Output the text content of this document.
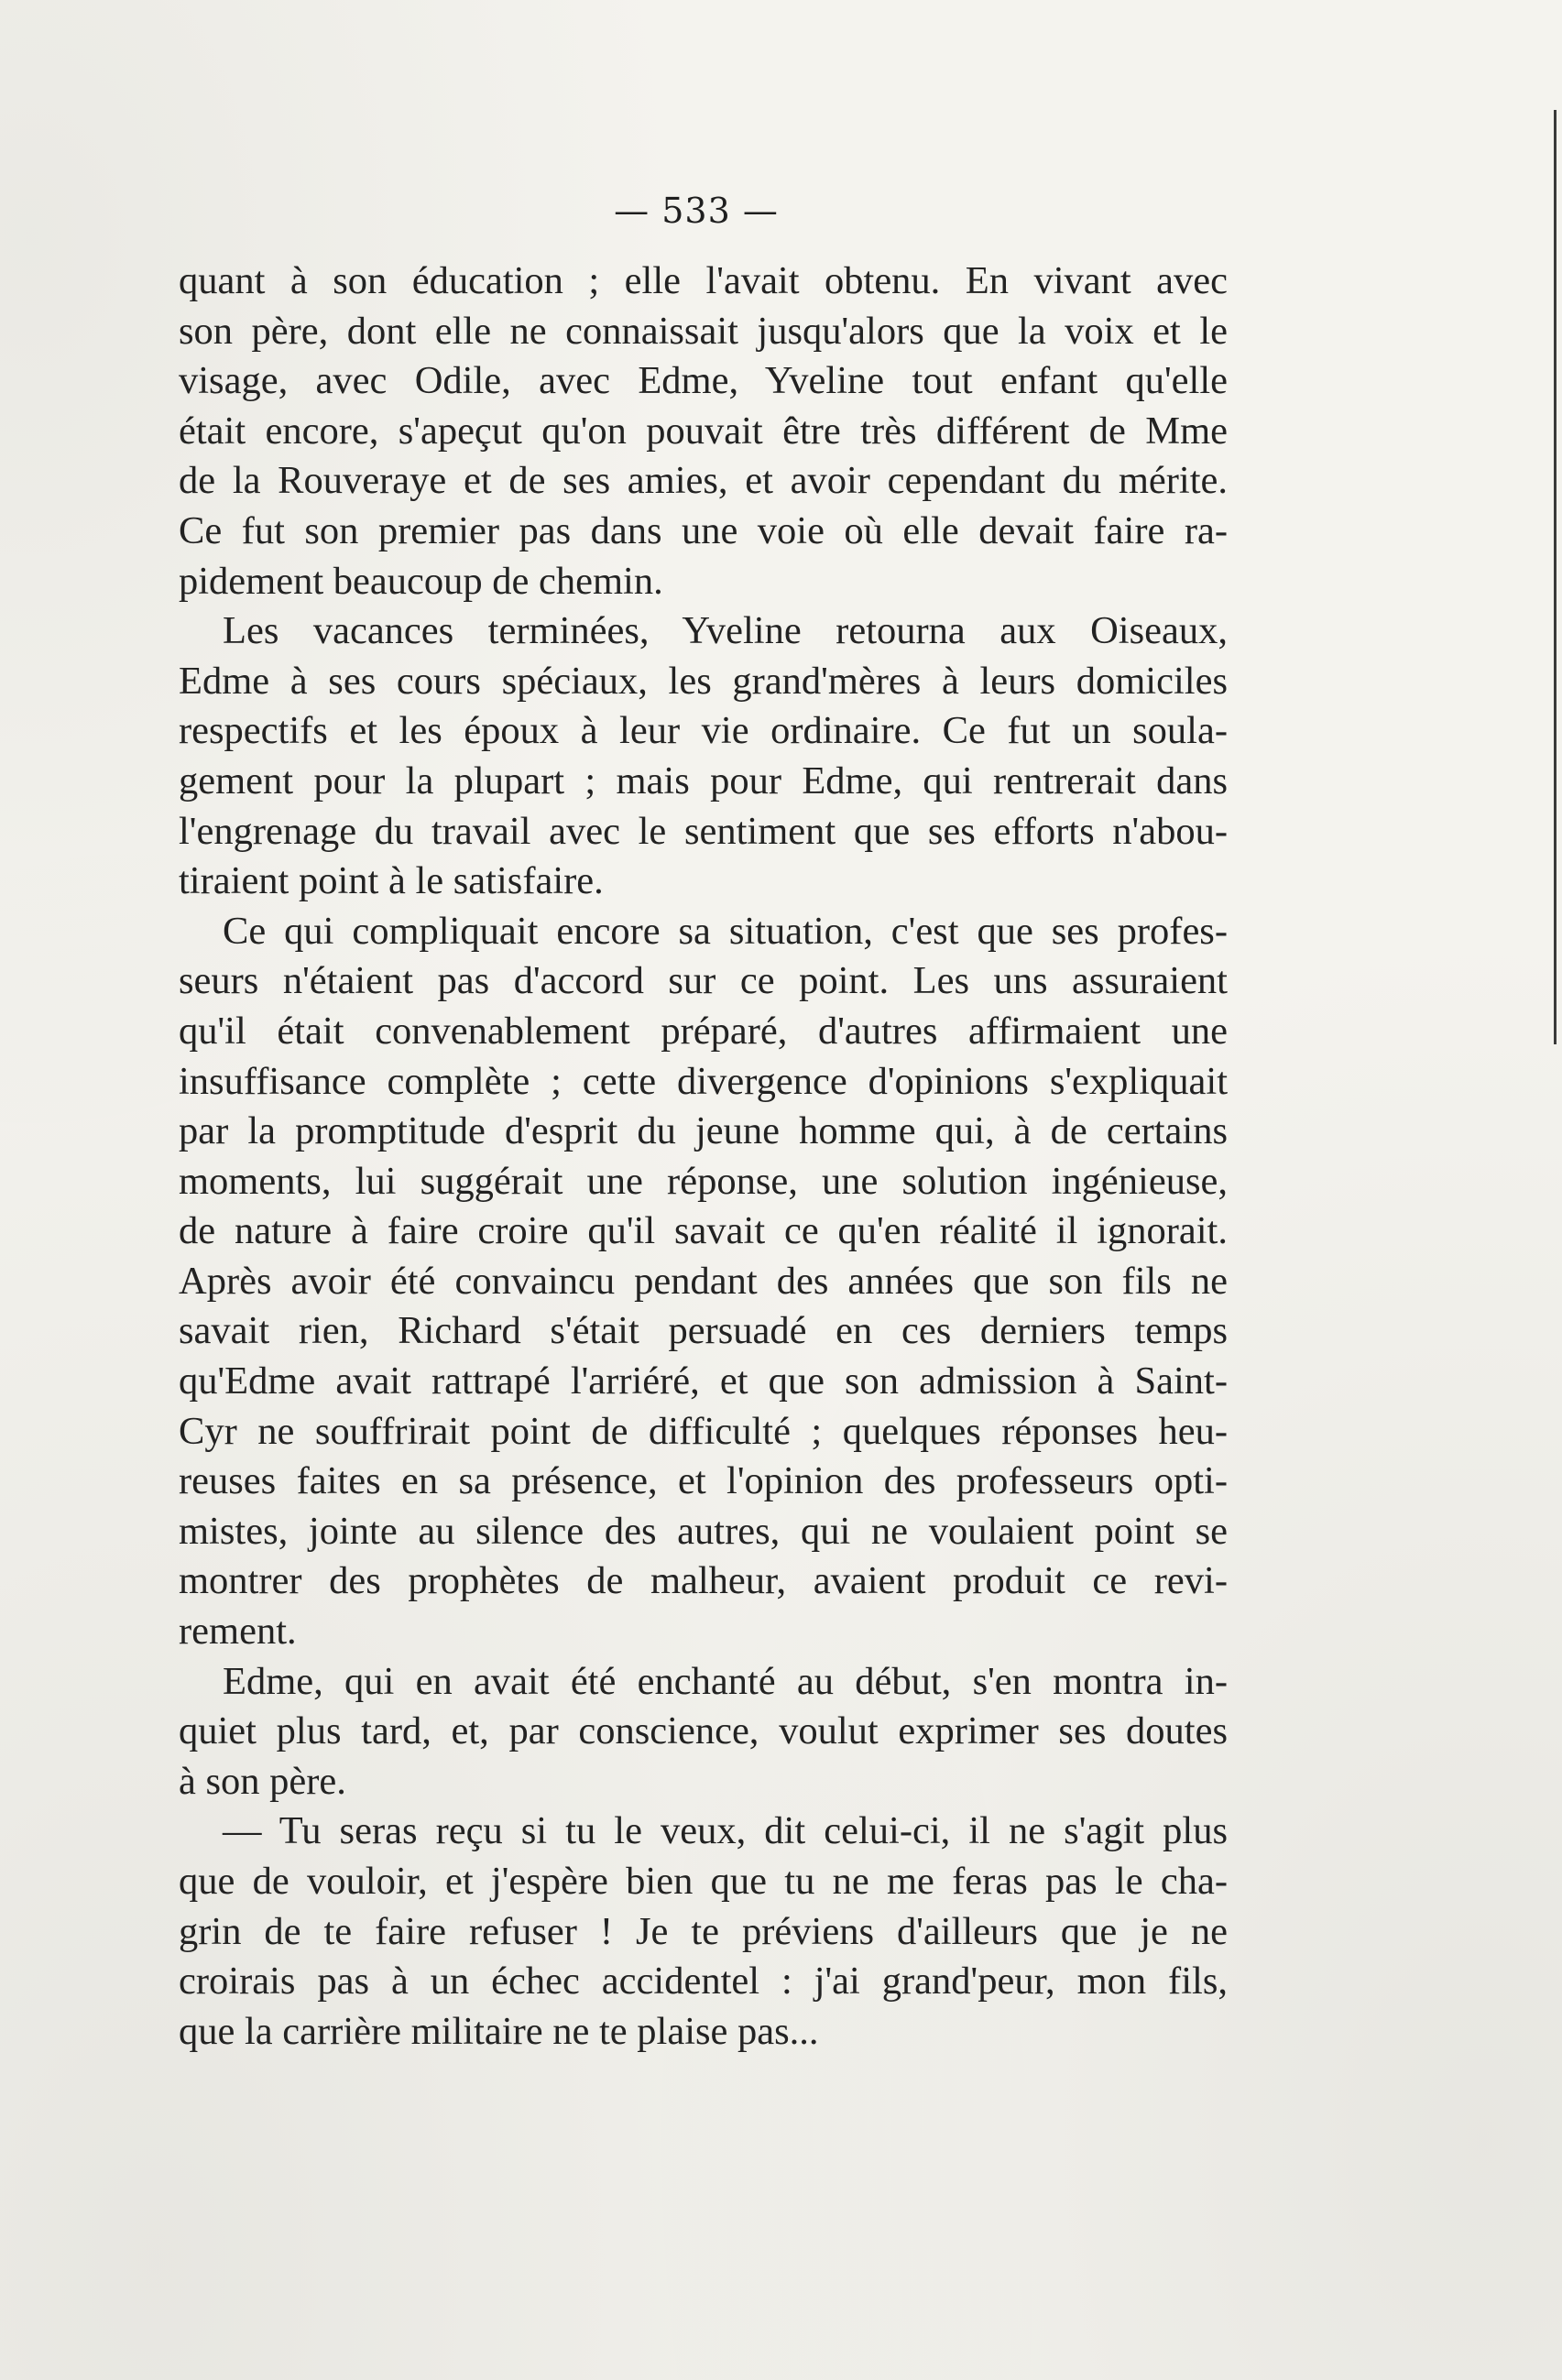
— 533 —
quant à son éducation ; elle l'avait obtenu. En vivant avec
son père, dont elle ne connaissait jusqu'alors que la voix et le
visage, avec Odile, avec Edme, Yveline tout enfant qu'elle
était encore, s'apeçut qu'on pouvait être très différent de Mme
de la Rouveraye et de ses amies, et avoir cependant du mérite.
Ce fut son premier pas dans une voie où elle devait faire ra-
pidement beaucoup de chemin.
Les vacances terminées, Yveline retourna aux Oiseaux,
Edme à ses cours spéciaux, les grand'mères à leurs domiciles
respectifs et les époux à leur vie ordinaire. Ce fut un soula-
gement pour la plupart ; mais pour Edme, qui rentrerait dans
l'engrenage du travail avec le sentiment que ses efforts n'abou-
tiraient point à le satisfaire.
Ce qui compliquait encore sa situation, c'est que ses profes-
seurs n'étaient pas d'accord sur ce point. Les uns assuraient
qu'il était convenablement préparé, d'autres affirmaient une
insuffisance complète ; cette divergence d'opinions s'expliquait
par la promptitude d'esprit du jeune homme qui, à de certains
moments, lui suggérait une réponse, une solution ingénieuse,
de nature à faire croire qu'il savait ce qu'en réalité il ignorait.
Après avoir été convaincu pendant des années que son fils ne
savait rien, Richard s'était persuadé en ces derniers temps
qu'Edme avait rattrapé l'arriéré, et que son admission à Saint-
Cyr ne souffrirait point de difficulté ; quelques réponses heu-
reuses faites en sa présence, et l'opinion des professeurs opti-
mistes, jointe au silence des autres, qui ne voulaient point se
montrer des prophètes de malheur, avaient produit ce revi-
rement.
Edme, qui en avait été enchanté au début, s'en montra in-
quiet plus tard, et, par conscience, voulut exprimer ses doutes
à son père.
— Tu seras reçu si tu le veux, dit celui-ci, il ne s'agit plus
que de vouloir, et j'espère bien que tu ne me feras pas le cha-
grin de te faire refuser ! Je te préviens d'ailleurs que je ne
croirais pas à un échec accidentel : j'ai grand'peur, mon fils,
que la carrière militaire ne te plaise pas...
